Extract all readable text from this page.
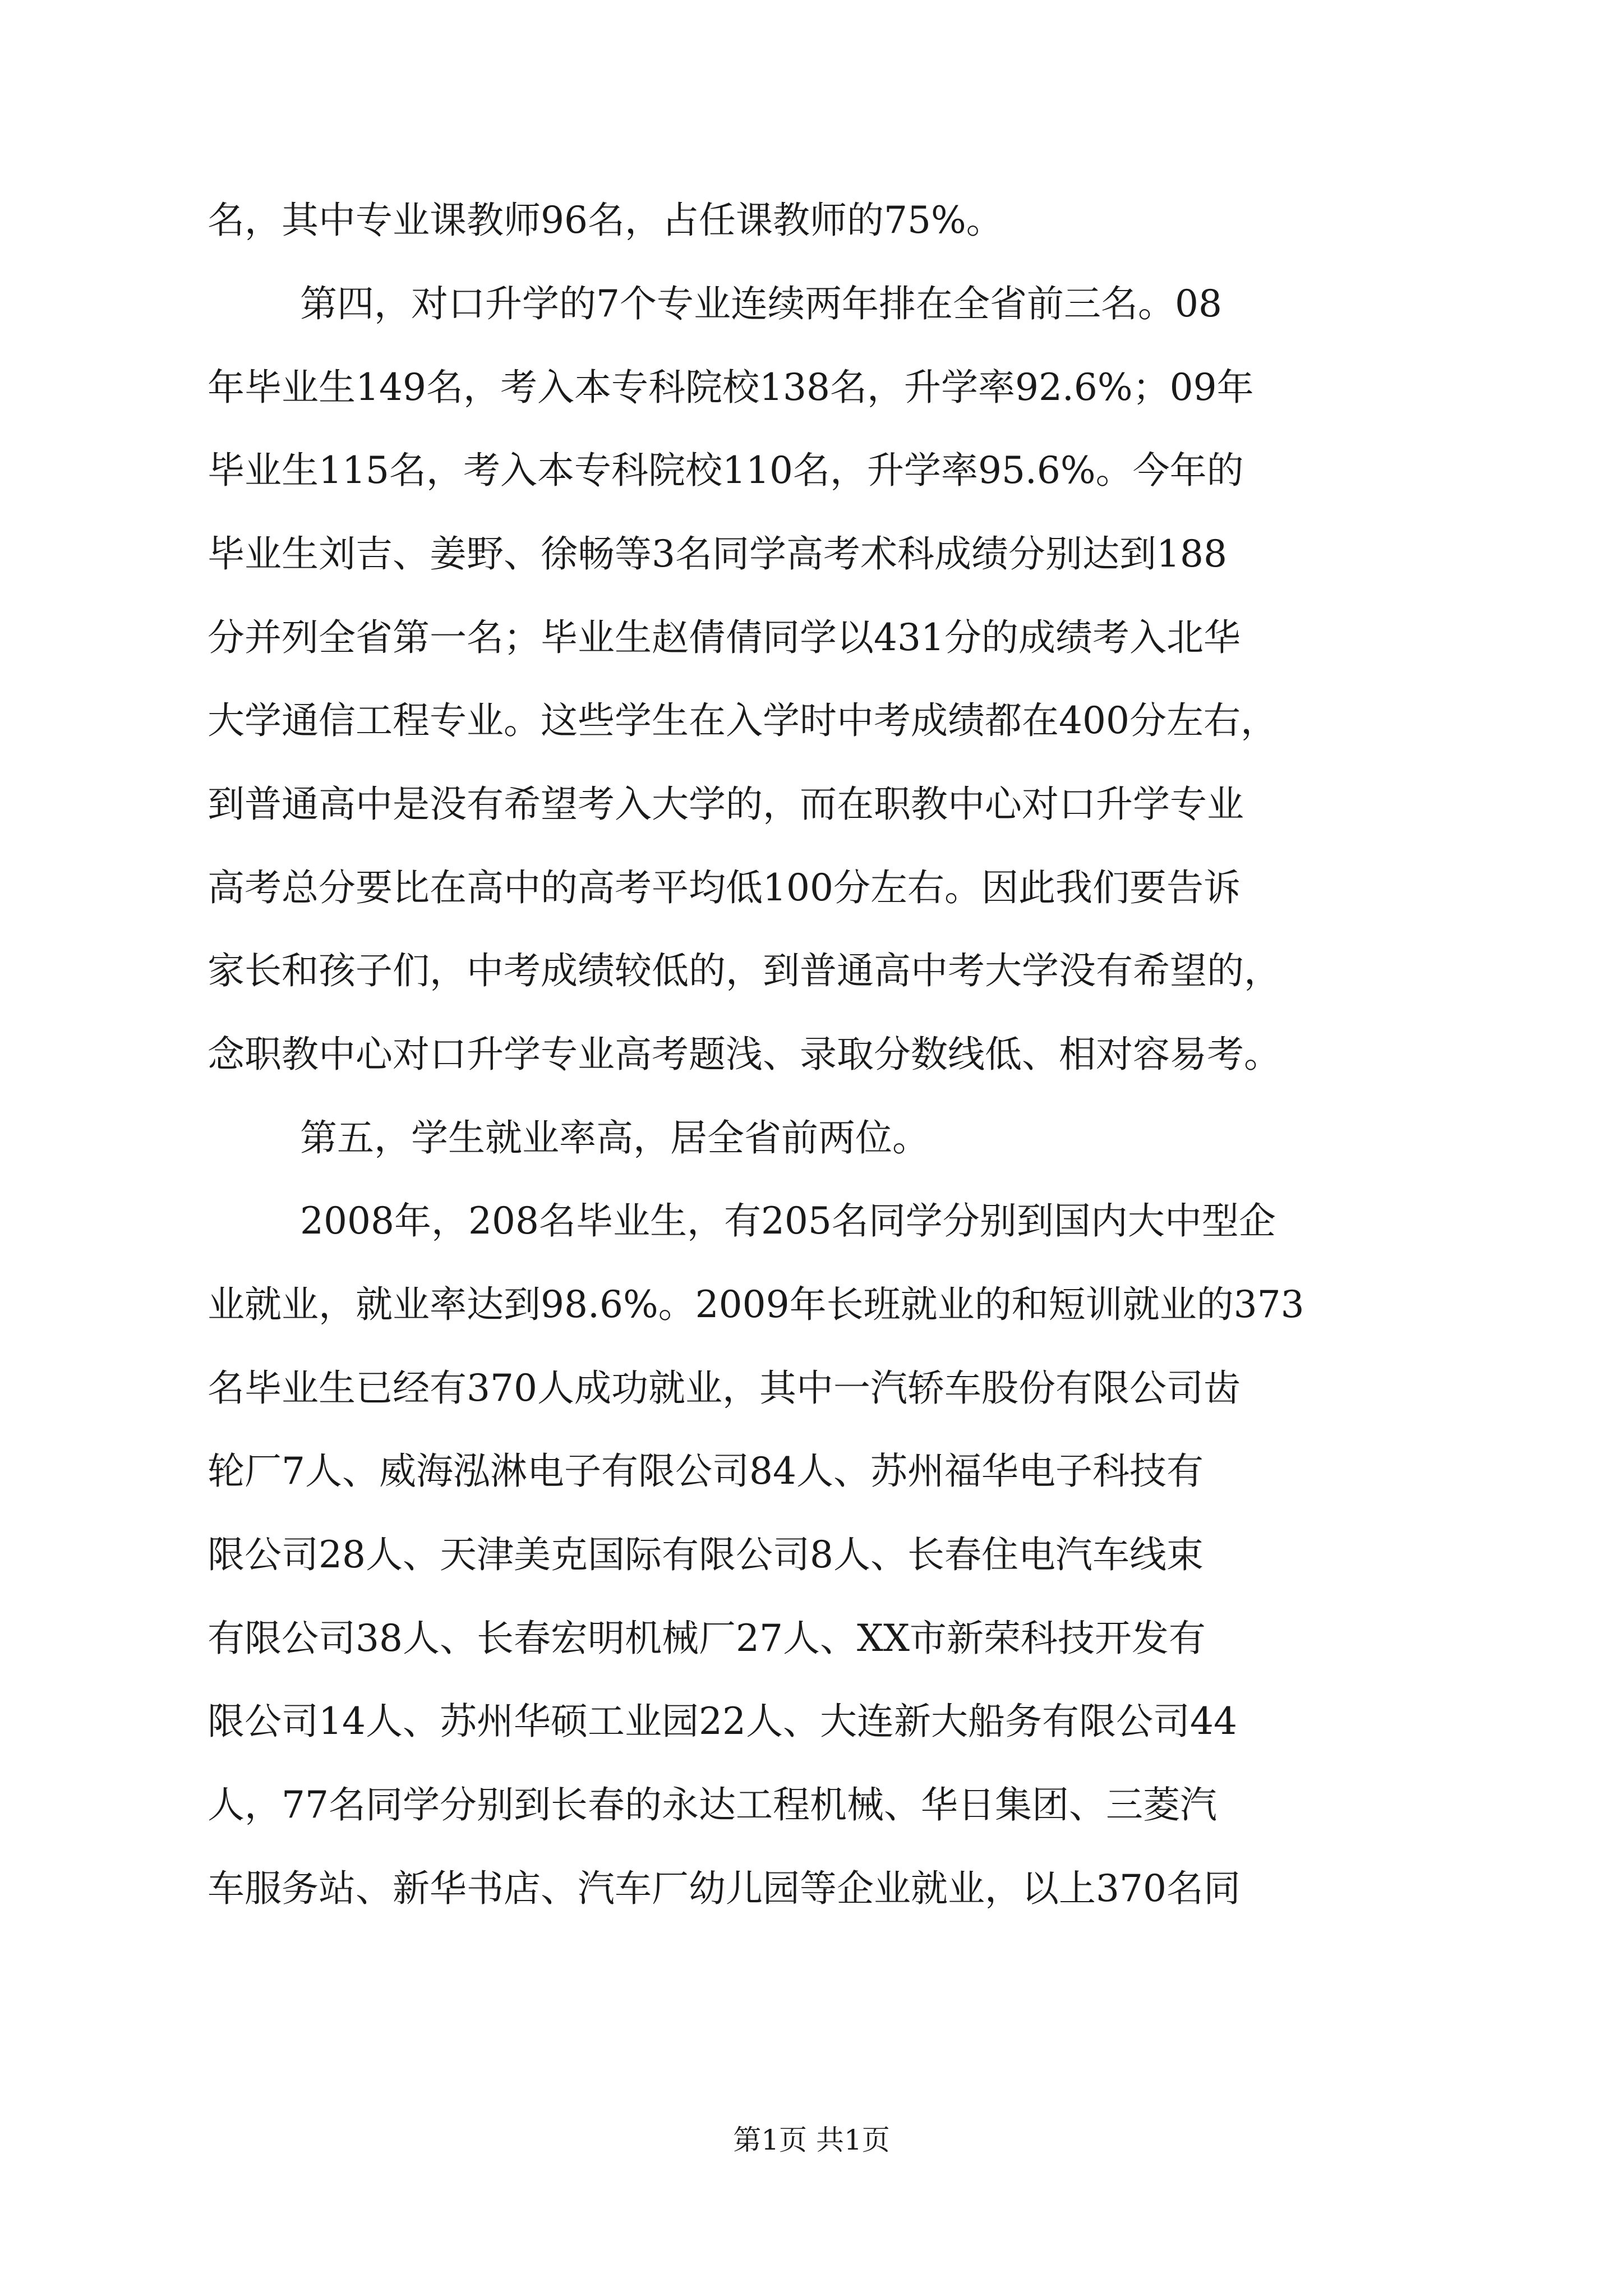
名，其中专业课教师96名，占任课教师的75%。
第四，对口升学的7个专业连续两年排在全省前三名。08
年毕业生149名，考入本专科院校138名，升学率92.6%；09年
毕业生115名，考入本专科院校110名，升学率95.6%。今年的
毕业生刘吉、姜野、徐畅等3名同学高考术科成绩分别达到188
分并列全省第一名；毕业生赵倩倩同学以431分的成绩考入北华
大学通信工程专业。这些学生在入学时中考成绩都在400分左右，
到普通高中是没有希望考入大学的，而在职教中心对口升学专业
高考总分要比在高中的高考平均低100分左右。因此我们要告诉
家长和孩子们，中考成绩较低的，到普通高中考大学没有希望的，
念职教中心对口升学专业高考题浅、录取分数线低、相对容易考。
第五，学生就业率高，居全省前两位。
2008年，208名毕业生，有205名同学分别到国内大中型企
业就业，就业率达到98.6%。2009年长班就业的和短训就业的373
名毕业生已经有370人成功就业，其中一汽轿车股份有限公司齿
轮厂7人、威海泓淋电子有限公司84人、苏州福华电子科技有
限公司28人、天津美克国际有限公司8人、长春住电汽车线束
有限公司38人、长春宏明机械厂27人、XX市新荣科技开发有
限公司14人、苏州华硕工业园22人、大连新大船务有限公司44
人，77名同学分别到长春的永达工程机械、华日集团、三菱汽
车服务站、新华书店、汽车厂幼儿园等企业就业，以上370名同
第1页 共1页
